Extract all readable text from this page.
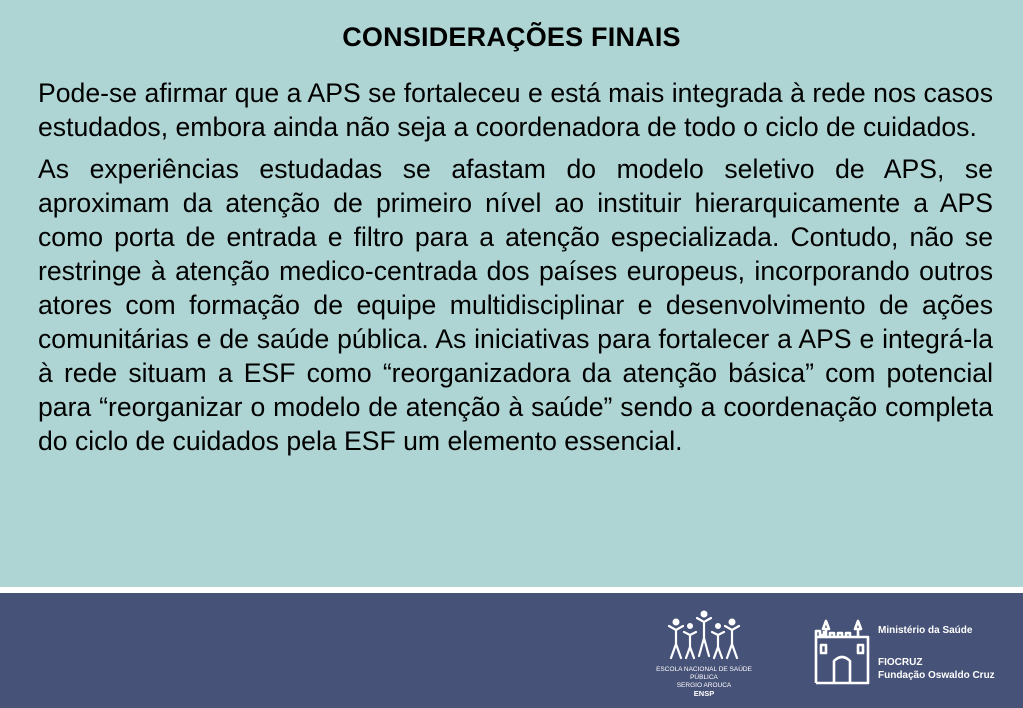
CONSIDERAÇÕES FINAIS

Pode-se afirmar que a APS se fortaleceu e está mais integrada à rede nos casos estudados, embora ainda não seja a coordenadora de todo o ciclo de cuidados.

As experiências estudadas se afastam do modelo seletivo de APS, se aproximam da atenção de primeiro nível ao instituir hierarquicamente a APS como porta de entrada e filtro para a atenção especializada. Contudo, não se restringe à atenção medico-centrada dos países europeus, incorporando outros atores com formação de equipe multidisciplinar e desenvolvimento de ações comunitárias e de saúde pública. As iniciativas para fortalecer a APS e integrá-la à rede situam a ESF como “reorganizadora da atenção básica” com potencial para “reorganizar o modelo de atenção à saúde” sendo a coordenação completa do ciclo de cuidados pela ESF um elemento essencial.

ESCOLA NACIONAL DE SAÚDE PÚBLICA
SERGIO AROUCA
ENSP
Ministério da Saúde
FIOCRUZ
Fundação Oswaldo Cruz
